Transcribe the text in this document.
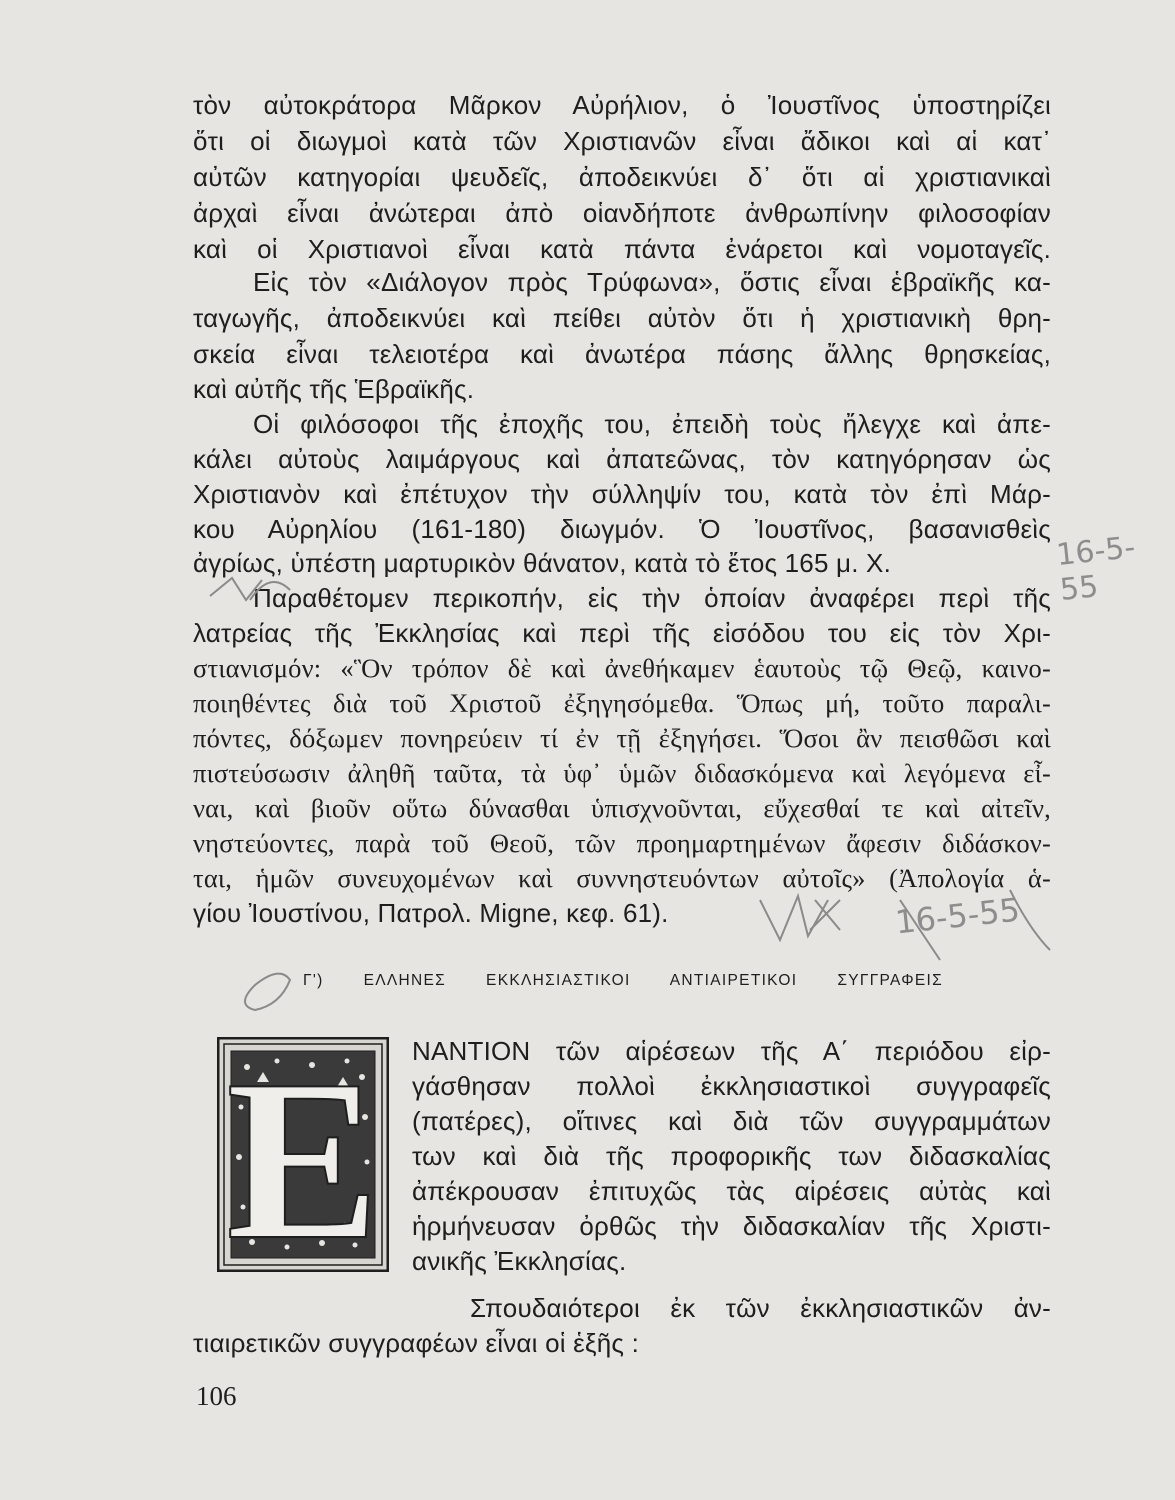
τὸν αὐτοκράτορα Μᾶρκον Αὐρήλιον, ὁ Ἰουστῖνος ὑποστηρίζει
ὅτι οἱ διωγμοὶ κατὰ τῶν Χριστιανῶν εἶναι ἄδικοι καὶ αἱ κατ᾿
αὐτῶν κατηγορίαι ψευδεῖς, ἀποδεικνύει δ᾿ ὅτι αἱ χριστιανικαὶ
ἀρχαὶ εἶναι ἀνώτεραι ἀπὸ οἱανδήποτε ἀνθρωπίνην φιλοσοφίαν
καὶ οἱ Χριστιανοὶ εἶναι κατὰ πάντα ἐνάρετοι καὶ νομοταγεῖς.
Εἰς τὸν «Διάλογον πρὸς Τρύφωνα», ὅστις εἶναι ἑβραϊκῆς κα-
ταγωγῆς, ἀποδεικνύει καὶ πείθει αὐτὸν ὅτι ἡ χριστιανικὴ θρη-
σκεία εἶναι τελειοτέρα καὶ ἀνωτέρα πάσης ἄλλης θρησκείας,
καὶ αὐτῆς τῆς Ἑβραϊκῆς.
Οἱ φιλόσοφοι τῆς ἐποχῆς του, ἐπειδὴ τοὺς ἤλεγχε καὶ ἀπε-
κάλει αὐτοὺς λαιμάργους καὶ ἀπατεῶνας, τὸν κατηγόρησαν ὡς
Χριστιανὸν καὶ ἐπέτυχον τὴν σύλληψίν του, κατὰ τὸν ἐπὶ Μάρ-
κου Αὐρηλίου (161-180) διωγμόν. Ὁ Ἰουστῖνος, βασανισθεὶς
ἀγρίως, ὑπέστη μαρτυρικὸν θάνατον, κατὰ τὸ ἔτος 165 μ. Χ.
Παραθέτομεν περικοπήν, εἰς τὴν ὁποίαν ἀναφέρει περὶ τῆς
λατρείας τῆς Ἐκκλησίας καὶ περὶ τῆς εἰσόδου του εἰς τὸν Χρι-
στιανισμόν: «Ὃν τρόπον δὲ καὶ ἀνεθήκαμεν ἑαυτοὺς τῷ Θεῷ, καινο-
ποιηθέντες διὰ τοῦ Χριστοῦ ἐξηγησόμεθα. Ὅπως μή, τοῦτο παραλι-
πόντες, δόξωμεν πονηρεύειν τί ἐν τῇ ἐξηγήσει. Ὅσοι ἂν πεισθῶσι καὶ
πιστεύσωσιν ἀληθῆ ταῦτα, τὰ ὑφ᾿ ὑμῶν διδασκόμενα καὶ λεγόμενα εἶ-
ναι, καὶ βιοῦν οὕτω δύνασθαι ὑπισχνοῦνται, εὔχεσθαί τε καὶ αἰτεῖν,
νηστεύοντες, παρὰ τοῦ Θεοῦ, τῶν προημαρτημένων ἄφεσιν διδάσκον-
ται, ἡμῶν συνευχομένων καὶ συννηστευόντων αὐτοῖς» (Ἀπολογία ἁ-
γίου Ἰουστίνου, Πατρολ. Migne, κεφ. 61).
Γ') ΕΛΛΗΝΕΣ ΕΚΚΛΗΣΙΑΣΤΙΚΟΙ ΑΝΤΙΑΙΡΕΤΙΚΟΙ ΣΥΓΓΡΑΦΕΙΣ
Ε ΝΑΝΤΙΟΝ τῶν αἱρέσεων τῆς Α΄ περιόδου εἰρ-
γάσθησαν πολλοὶ ἐκκλησιαστικοὶ συγγραφεῖς
(πατέρες), οἵτινες καὶ διὰ τῶν συγγραμμάτων
των καὶ διὰ τῆς προφορικῆς των διδασκαλίας
ἀπέκρουσαν ἐπιτυχῶς τὰς αἱρέσεις αὐτὰς καὶ
ἡρμήνευσαν ὀρθῶς τὴν διδασκαλίαν τῆς Χριστι-
ανικῆς Ἐκκλησίας.
Σπουδαιότεροι ἐκ τῶν ἐκκλησιαστικῶν ἀν-
τιαιρετικῶν συγγραφέων εἶναι οἱ ἑξῆς :
106
16-5-55
16-5-55
